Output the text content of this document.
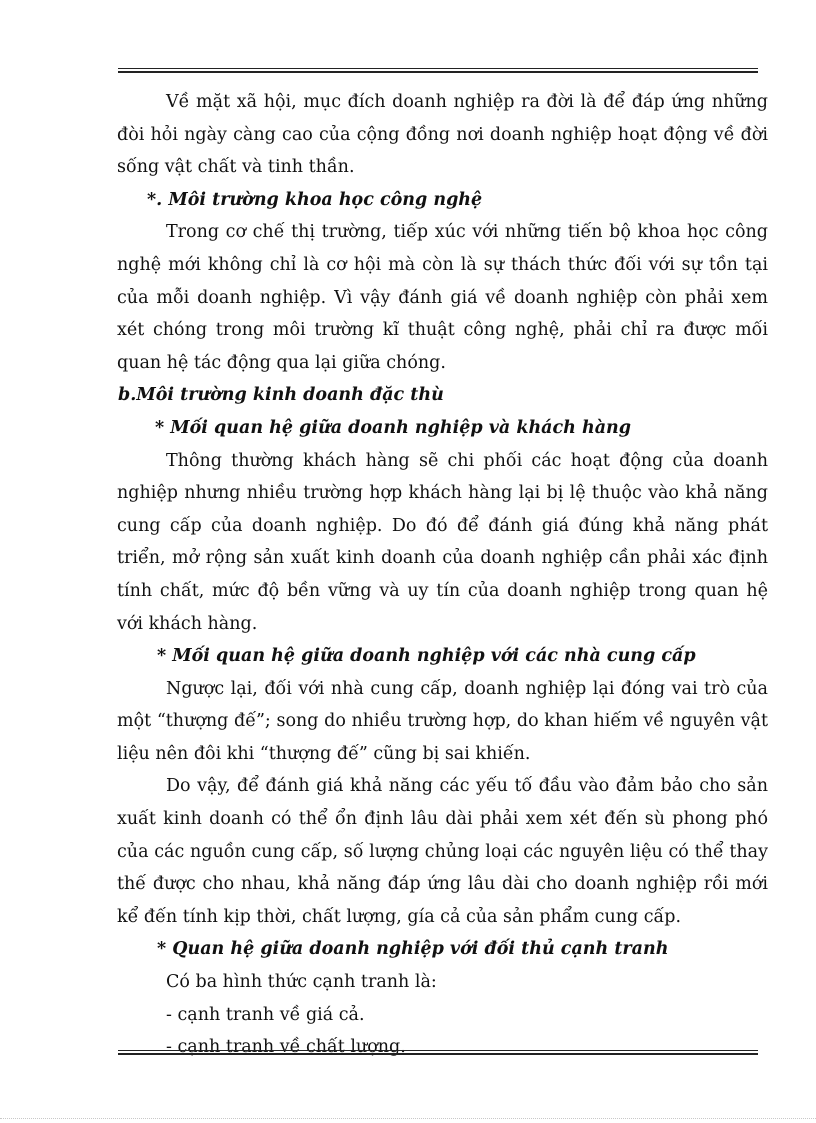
Về mặt xã hội, mục đích doanh nghiệp ra đời là để đáp ứng những đòi hỏi ngày càng cao của cộng đồng nơi doanh nghiệp hoạt động về đời sống vật chất và tinh thần.

*. Môi trường khoa học công nghệ

Trong cơ chế thị trường, tiếp xúc với những tiến bộ khoa học công nghệ mới không chỉ là cơ hội mà còn là sự thách thức đối với sự tồn tại của mỗi doanh nghiệp. Vì vậy đánh giá về doanh nghiệp còn phải xem xét chóng trong môi trường kĩ thuật công nghệ, phải chỉ ra được mối quan hệ tác động qua lại giữa chóng.

b.Môi trường kinh doanh đặc thù

* Mối quan hệ giữa doanh nghiệp và khách hàng

Thông thường khách hàng sẽ chi phối các hoạt động của doanh nghiệp nhưng nhiều trường hợp khách hàng lại bị lệ thuộc vào khả năng cung cấp của doanh nghiệp. Do đó để đánh giá đúng khả năng phát triển, mở rộng sản xuất kinh doanh của doanh nghiệp cần phải xác định tính chất, mức độ bền vững và uy tín của doanh nghiệp trong quan hệ với khách hàng.

* Mối quan hệ giữa doanh nghiệp với các nhà cung cấp

Ngược lại, đối với nhà cung cấp, doanh nghiệp lại đóng vai trò của một “thượng đế”; song do nhiều trường hợp, do khan hiếm về nguyên vật liệu nên đôi khi “thượng đế” cũng bị sai khiến.

Do vậy, để đánh giá khả năng các yếu tố đầu vào đảm bảo cho sản xuất kinh doanh có thể ổn định lâu dài phải xem xét đến sù phong phó của các nguồn cung cấp, số lượng chủng loại các nguyên liệu có thể thay thế được cho nhau, khả năng đáp ứng lâu dài cho doanh nghiệp rồi mới kể đến tính kịp thời, chất lượng, gía cả của sản phẩm cung cấp.

* Quan hệ giữa doanh nghiệp với đối thủ cạnh tranh

Có ba hình thức cạnh tranh là:

- cạnh tranh về giá cả.

- cạnh tranh về chất lượng.
